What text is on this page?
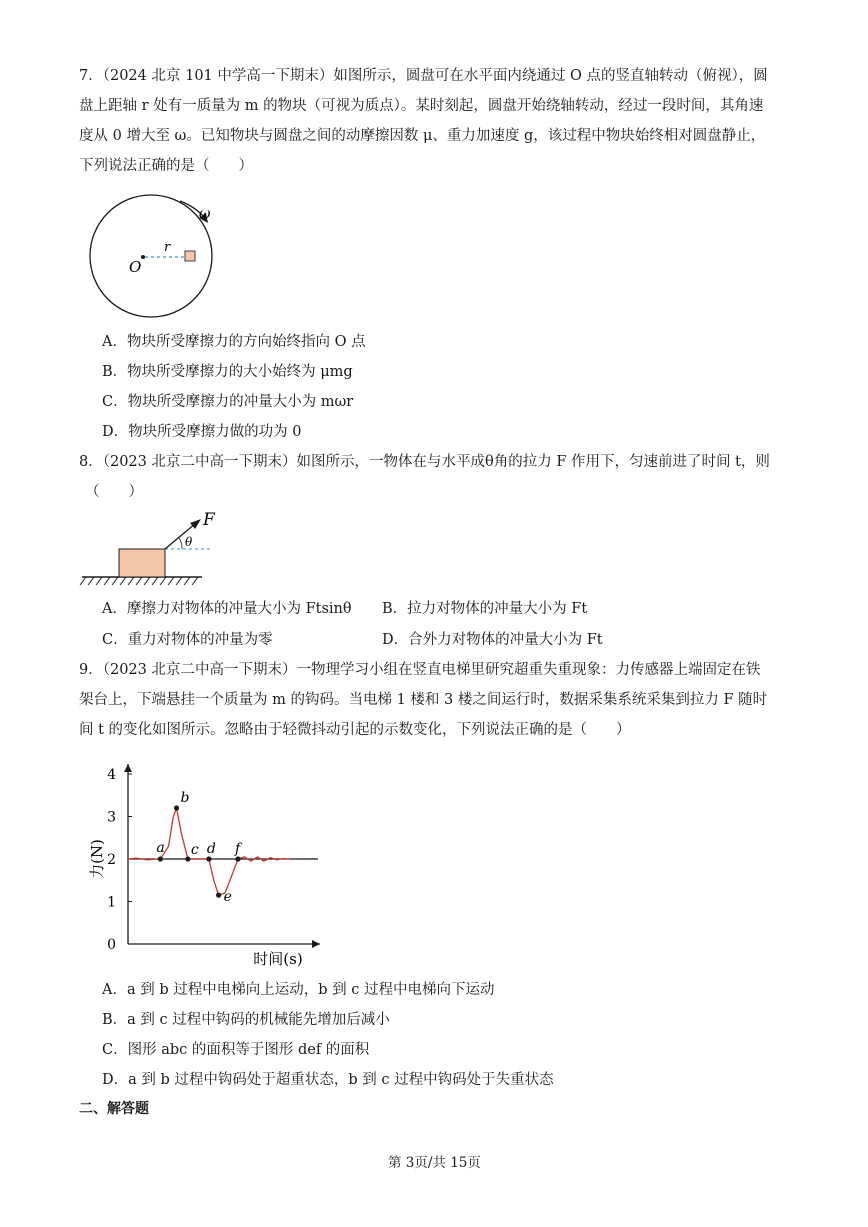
7．（2024 北京 101 中学高一下期末）如图所示，圆盘可在水平面内绕通过 O 点的竖直轴转动（俯视），圆
盘上距轴 r 处有一质量为 m 的物块（可视为质点）。某时刻起，圆盘开始绕轴转动，经过一段时间，其角速
度从 0 增大至 ω。已知物块与圆盘之间的动摩擦因数 μ、重力加速度 g，该过程中物块始终相对圆盘静止，
下列说法正确的是（　　）
ω
r
O
A．物块所受摩擦力的方向始终指向 O 点
B．物块所受摩擦力的大小始终为 μmg
C．物块所受摩擦力的冲量大小为 mωr
D．物块所受摩擦力做的功为 0
8．（2023 北京二中高一下期末）如图所示，一物体在与水平成θ角的拉力 F 作用下，匀速前进了时间 t，则
（　　）
F
θ
A．摩擦力对物体的冲量大小为 Ftsinθ B．拉力对物体的冲量大小为 Ft
C．重力对物体的冲量为零	D．合外力对物体的冲量大小为 Ft
9．（2023 北京二中高一下期末）一物理学习小组在竖直电梯里研究超重失重现象：力传感器上端固定在铁
架台上，下端悬挂一个质量为 m 的钩码。当电梯 1 楼和 3 楼之间运行时，数据采集系统采集到拉力 F 随时
间 t 的变化如图所示。忽略由于轻微抖动引起的示数变化，下列说法正确的是（　　）
0
1
2
3
4
力(N)
时间(s)
a
b
c d
e
f
A．a 到 b 过程中电梯向上运动，b 到 c 过程中电梯向下运动
B．a 到 c 过程中钩码的机械能先增加后减小
C．图形 abc 的面积等于图形 def 的面积
D．a 到 b 过程中钩码处于超重状态，b 到 c 过程中钩码处于失重状态
二、解答题
第 3页/共 15页
